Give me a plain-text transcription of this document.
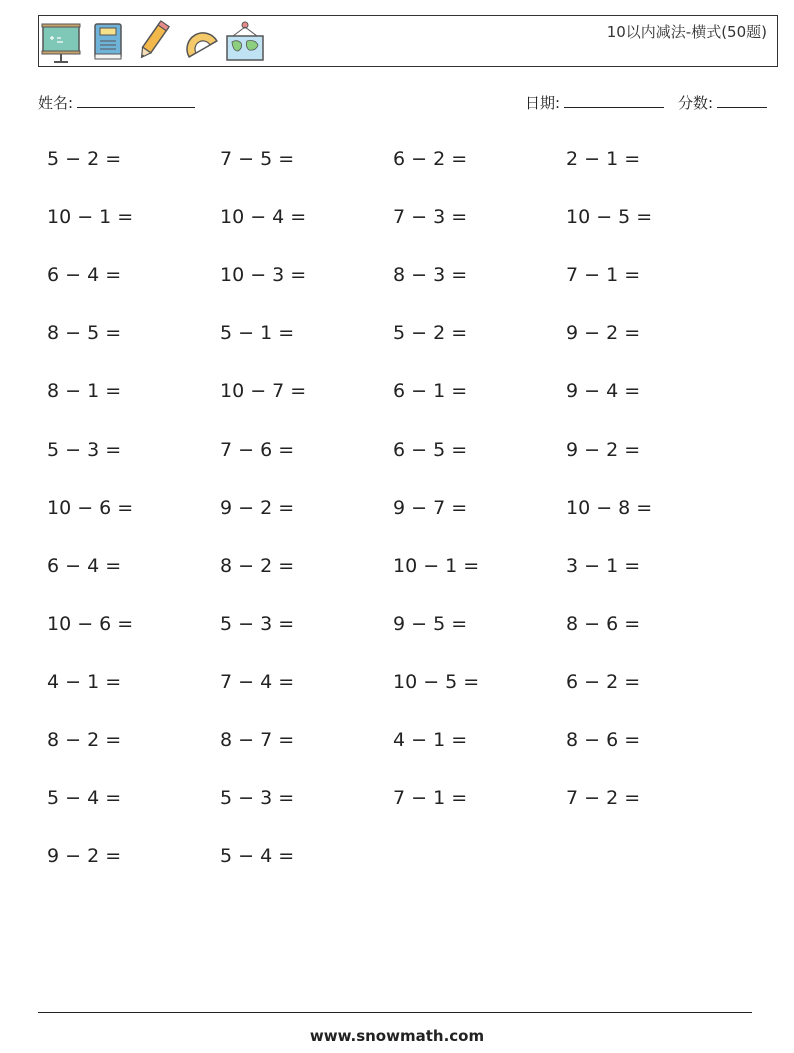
10以内减法-横式(50题)
姓名:	日期:	分数:
5 − 2 =	7 − 5 =	6 − 2 =	2 − 1 =
10 − 1 =	10 − 4 =	7 − 3 =	10 − 5 =
6 − 4 =	10 − 3 =	8 − 3 =	7 − 1 =
8 − 5 =	5 − 1 =	5 − 2 =	9 − 2 =
8 − 1 =	10 − 7 =	6 − 1 =	9 − 4 =
5 − 3 =	7 − 6 =	6 − 5 =	9 − 2 =
10 − 6 =	9 − 2 =	9 − 7 =	10 − 8 =
6 − 4 =	8 − 2 =	10 − 1 =	3 − 1 =
10 − 6 =	5 − 3 =	9 − 5 =	8 − 6 =
4 − 1 =	7 − 4 =	10 − 5 =	6 − 2 =
8 − 2 =	8 − 7 =	4 − 1 =	8 − 6 =
5 − 4 =	5 − 3 =	7 − 1 =	7 − 2 =
9 − 2 =	5 − 4 =
www.snowmath.com
